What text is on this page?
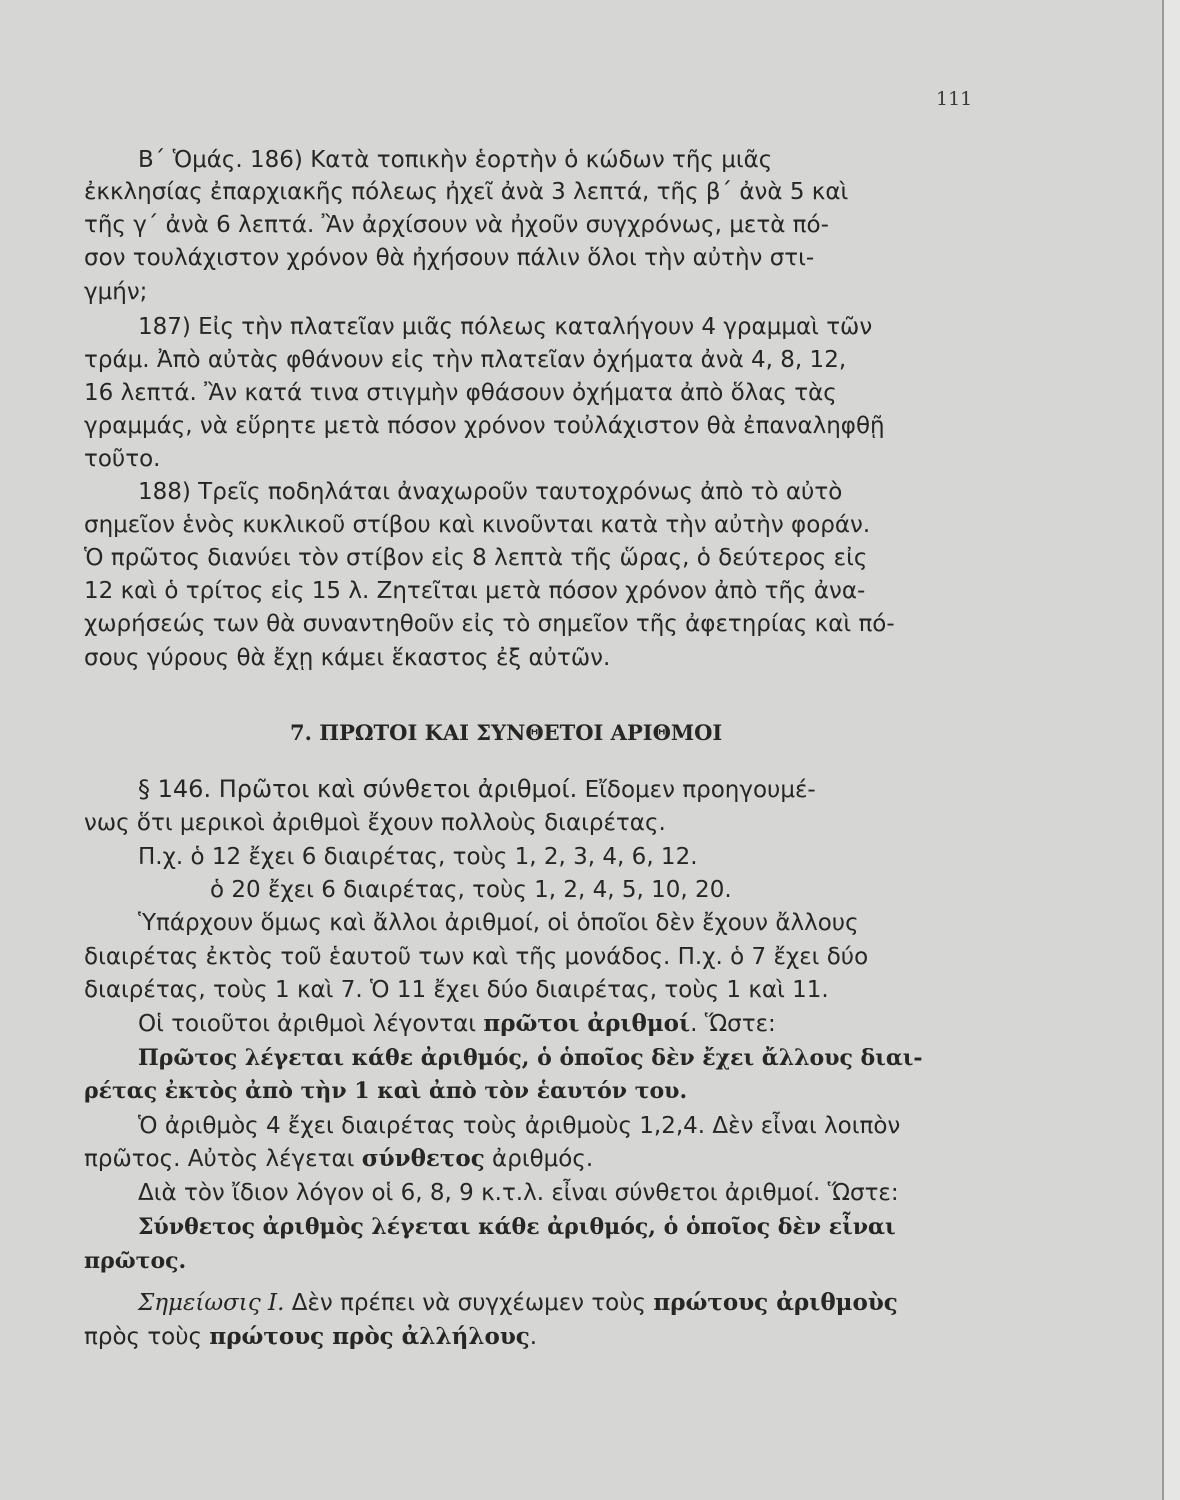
111
Β΄ Ὁμάς. 186) Κατὰ τοπικὴν ἑορτὴν ὁ κώδων τῆς μιᾶς
ἐκκλησίας ἐπαρχιακῆς πόλεως ἠχεῖ ἀνὰ 3 λεπτά, τῆς β΄ ἀνὰ 5 καὶ
τῆς γ΄ ἀνὰ 6 λεπτά. Ἂν ἀρχίσουν νὰ ἠχοῦν συγχρόνως, μετὰ πό-
σον τουλάχιστον χρόνον θὰ ἠχήσουν πάλιν ὅλοι τὴν αὐτὴν στι-
γμήν;
187) Εἰς τὴν πλατεῖαν μιᾶς πόλεως καταλήγουν 4 γραμμαὶ τῶν
τράμ. Ἀπὸ αὐτὰς φθάνουν εἰς τὴν πλατεῖαν ὀχήματα ἀνὰ 4, 8, 12,
16 λεπτά. Ἂν κατά τινα στιγμὴν φθάσουν ὀχήματα ἀπὸ ὅλας τὰς
γραμμάς, νὰ εὕρητε μετὰ πόσον χρόνον τοὐλάχιστον θὰ ἐπαναληφθῇ
τοῦτο.
188) Τρεῖς ποδηλάται ἀναχωροῦν ταυτοχρόνως ἀπὸ τὸ αὐτὸ
σημεῖον ἑνὸς κυκλικοῦ στίβου καὶ κινοῦνται κατὰ τὴν αὐτὴν φοράν.
Ὁ πρῶτος διανύει τὸν στίβον εἰς 8 λεπτὰ τῆς ὥρας, ὁ δεύτερος εἰς
12 καὶ ὁ τρίτος εἰς 15 λ. Ζητεῖται μετὰ πόσον χρόνον ἀπὸ τῆς ἀνα-
χωρήσεώς των θὰ συναντηθοῦν εἰς τὸ σημεῖον τῆς ἀφετηρίας καὶ πό-
σους γύρους θὰ ἔχῃ κάμει ἕκαστος ἐξ αὐτῶν.
7. ΠΡΩΤΟΙ ΚΑΙ ΣΥΝΘΕΤΟΙ ΑΡΙΘΜΟΙ
§ 146. Πρῶτοι καὶ σύνθετοι ἀριθμοί. Εἴδομεν προηγουμέ-
νως ὅτι μερικοὶ ἀριθμοὶ ἔχουν πολλοὺς διαιρέτας.
Π.χ. ὁ 12 ἔχει 6 διαιρέτας, τοὺς 1, 2, 3, 4, 6, 12.
ὁ 20 ἔχει 6 διαιρέτας, τοὺς 1, 2, 4, 5, 10, 20.
Ὑπάρχουν ὅμως καὶ ἄλλοι ἀριθμοί, οἱ ὁποῖοι δὲν ἔχουν ἄλλους
διαιρέτας ἐκτὸς τοῦ ἑαυτοῦ των καὶ τῆς μονάδος. Π.χ. ὁ 7 ἔχει δύο
διαιρέτας, τοὺς 1 καὶ 7. Ὁ 11 ἔχει δύο διαιρέτας, τοὺς 1 καὶ 11.
Οἱ τοιοῦτοι ἀριθμοὶ λέγονται πρῶτοι ἀριθμοί. Ὥστε:
Πρῶτος λέγεται κάθε ἀριθμός, ὁ ὁποῖος δὲν ἔχει ἄλλους διαι-
ρέτας ἐκτὸς ἀπὸ τὴν 1 καὶ ἀπὸ τὸν ἑαυτόν του.
Ὁ ἀριθμὸς 4 ἔχει διαιρέτας τοὺς ἀριθμοὺς 1,2,4. Δὲν εἶναι λοιπὸν
πρῶτος. Αὐτὸς λέγεται σύνθετος ἀριθμός.
Διὰ τὸν ἴδιον λόγον οἱ 6, 8, 9 κ.τ.λ. εἶναι σύνθετοι ἀριθμοί. Ὥστε:
Σύνθετος ἀριθμὸς λέγεται κάθε ἀριθμός, ὁ ὁποῖος δὲν εἶναι
πρῶτος.
Σημείωσις Ι. Δὲν πρέπει νὰ συγχέωμεν τοὺς πρώτους ἀριθμοὺς
πρὸς τοὺς πρώτους πρὸς ἀλλήλους.
